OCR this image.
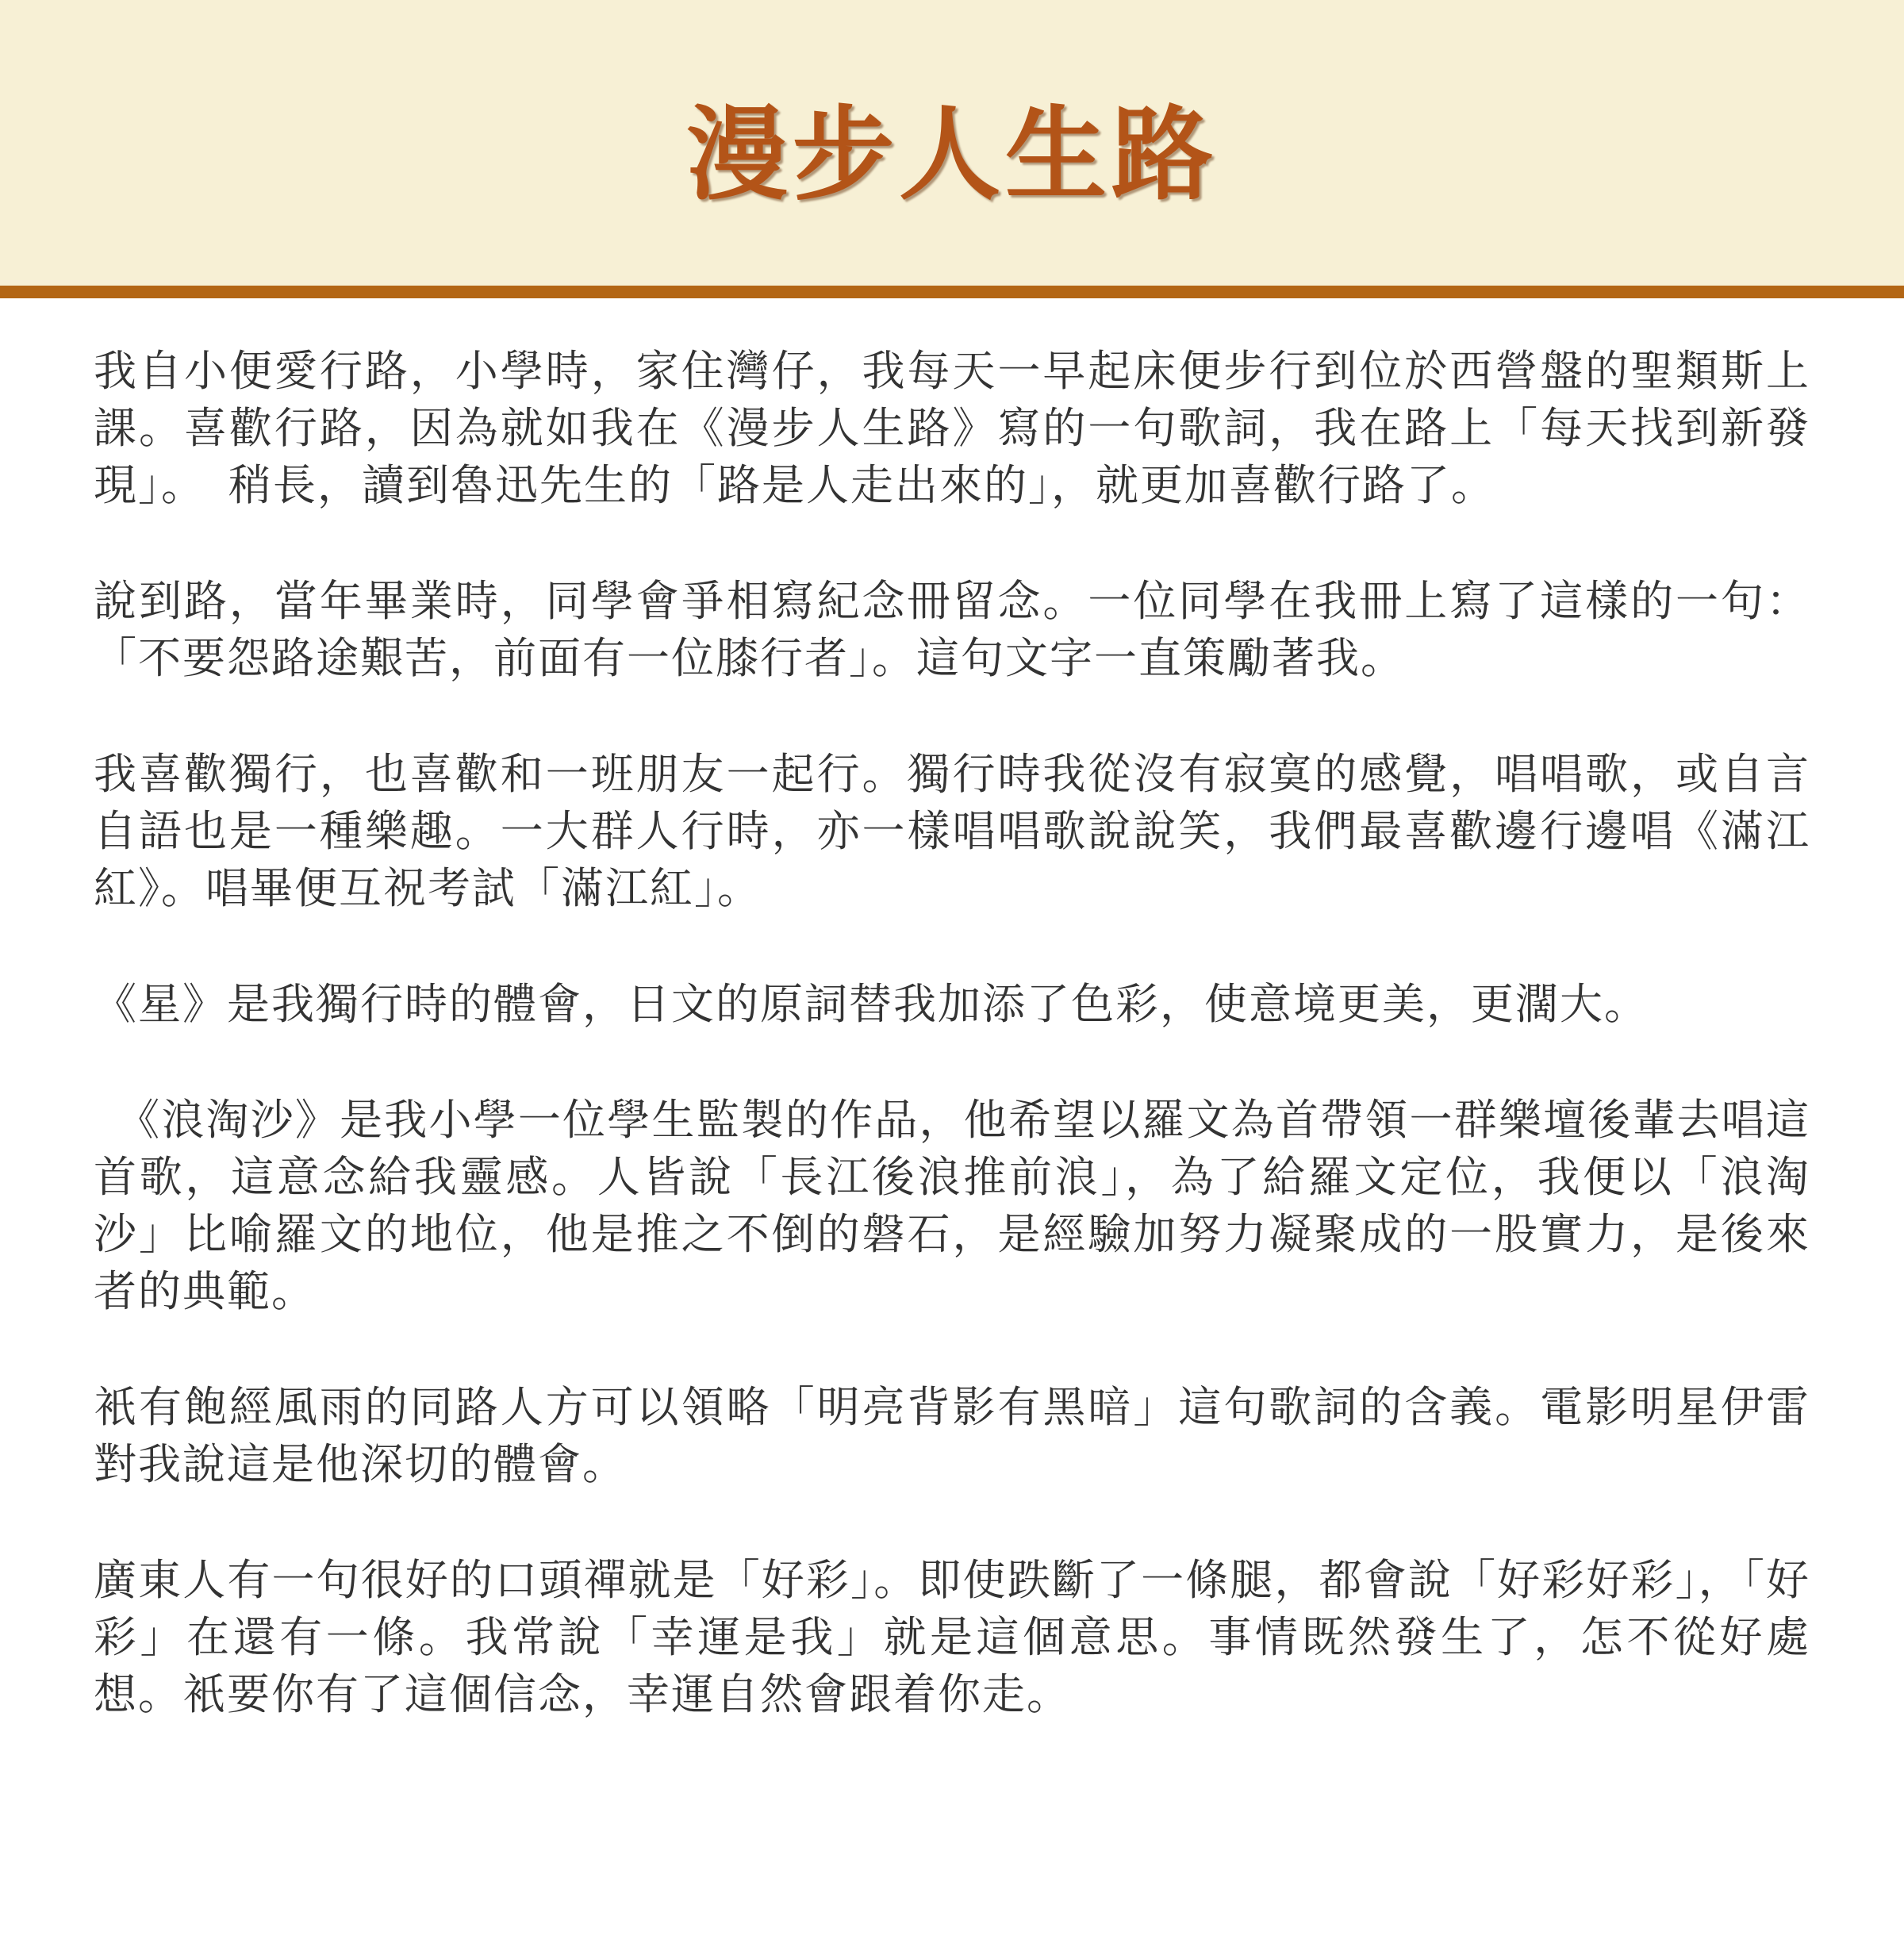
漫步人生路

我自小便愛行路，小學時，家住灣仔，我每天一早起床便步行到位於西營盤的聖類斯上課。喜歡行路，因為就如我在《漫步人生路》寫的一句歌詞，我在路上「每天找到新發現」。　稍長，讀到魯迅先生的「路是人走出來的」，就更加喜歡行路了。

說到路，當年畢業時，同學會爭相寫紀念冊留念。一位同學在我冊上寫了這樣的一句：「不要怨路途艱苦，前面有一位膝行者」。這句文字一直策勵著我。

我喜歡獨行，也喜歡和一班朋友一起行。獨行時我從沒有寂寞的感覺，唱唱歌，或自言自語也是一種樂趣。一大群人行時，亦一樣唱唱歌說說笑，我們最喜歡邊行邊唱《滿江紅》。唱畢便互祝考試「滿江紅」。

《星》是我獨行時的體會，日文的原詞替我加添了色彩，使意境更美，更濶大。

　《浪淘沙》是我小學一位學生監製的作品，他希望以羅文為首帶領一群樂壇後輩去唱這首歌，這意念給我靈感。人皆說「長江後浪推前浪」，為了給羅文定位，我便以「浪淘沙」比喻羅文的地位，他是推之不倒的磐石，是經驗加努力凝聚成的一股實力，是後來者的典範。

衹有飽經風雨的同路人方可以領略「明亮背影有黑暗」這句歌詞的含義。電影明星伊雷對我說這是他深切的體會。

廣東人有一句很好的口頭禪就是「好彩」。即使跌斷了一條腿，都會說「好彩好彩」，「好彩」在還有一條。我常說「幸運是我」就是這個意思。事情既然發生了，怎不從好處想。衹要你有了這個信念，幸運自然會跟着你走。
